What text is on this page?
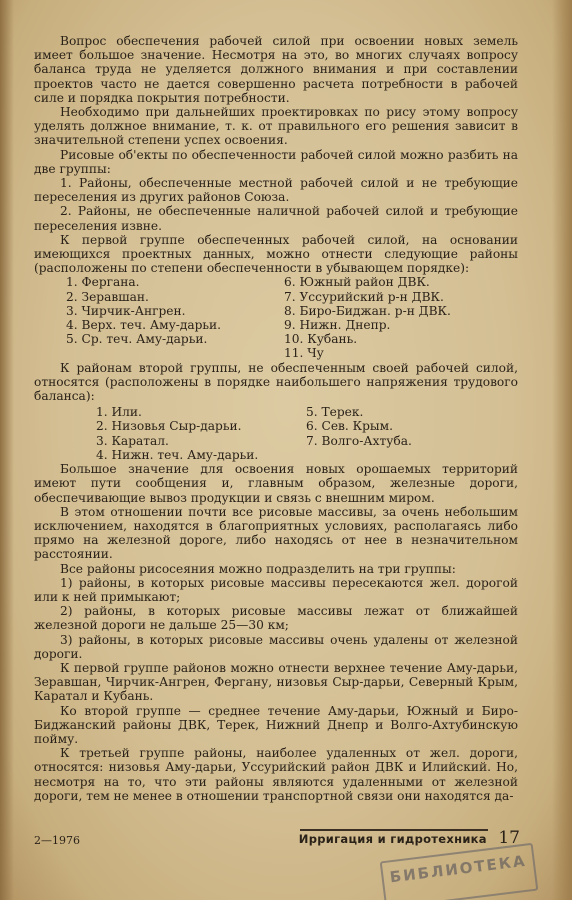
Вопрос обеспечения рабочей силой при освоении новых земель имеет большое значение. Несмотря на это, во многих случаях вопросу баланса труда не уделяется должного внимания и при составлении проектов часто не дается совершенно расчета потребности в рабочей силе и порядка покрытия потребности.

Необходимо при дальнейших проектировках по рису этому вопросу уделять должное внимание, т. к. от правильного его решения зависит в значительной степени успех освоения.

Рисовые об'екты по обеспеченности рабочей силой можно разбить на две группы:

1. Районы, обеспеченные местной рабочей силой и не требующие переселения из других районов Союза.

2. Районы, не обеспеченные наличной рабочей силой и требующие переселения извне.

К первой группе обеспеченных рабочей силой, на основании имеющихся проектных данных, можно отнести следующие районы (расположены по степени обеспеченности в убывающем порядке):

1. Фергана.
2. Зеравшан.
3. Чирчик-Ангрен.
4. Верх. теч. Аму-дарьи.
5. Ср. теч. Аму-дарьи.
6. Южный район ДВК.
7. Уссурийский р-н ДВК.
8. Биро-Биджан. р-н ДВК.
9. Нижн. Днепр.
10. Кубань.
11. Чу

К районам второй группы, не обеспеченным своей рабочей силой, относятся (расположены в порядке наибольшего напряжения трудового баланса):

1. Или.
2. Низовья Сыр-дарьи.
3. Каратал.
4. Нижн. теч. Аму-дарьи.
5. Терек.
6. Сев. Крым.
7. Волго-Ахтуба.

Большое значение для освоения новых орошаемых территорий имеют пути сообщения и, главным образом, железные дороги, обеспечивающие вывоз продукции и связь с внешним миром.

В этом отношении почти все рисовые массивы, за очень небольшим исключением, находятся в благоприятных условиях, располагаясь либо прямо на железной дороге, либо находясь от нее в незначительном расстоянии.

Все районы рисосеяния можно подразделить на три группы:

1) районы, в которых рисовые массивы пересекаются жел. дорогой или к ней примыкают;

2) районы, в которых рисовые массивы лежат от ближайшей железной дороги не дальше 25—30 км;

3) районы, в которых рисовые массивы очень удалены от железной дороги.

К первой группе районов можно отнести верхнее течение Аму-дарьи, Зеравшан, Чирчик-Ангрен, Фергану, низовья Сыр-дарьи, Северный Крым, Каратал и Кубань.

Ко второй группе — среднее течение Аму-дарьи, Южный и Биро-Биджанский районы ДВК, Терек, Нижний Днепр и Волго-Ахтубинскую пойму.

К третьей группе районы, наиболее удаленных от жел. дороги, относятся: низовья Аму-дарьи, Уссурийский район ДВК и Илийский. Но, несмотря на то, что эти районы являются удаленными от железной дороги, тем не менее в отношении транспортной связи они находятся да-

2—1976	Ирригация и гидротехника 17
БИБЛИОТЕКА
